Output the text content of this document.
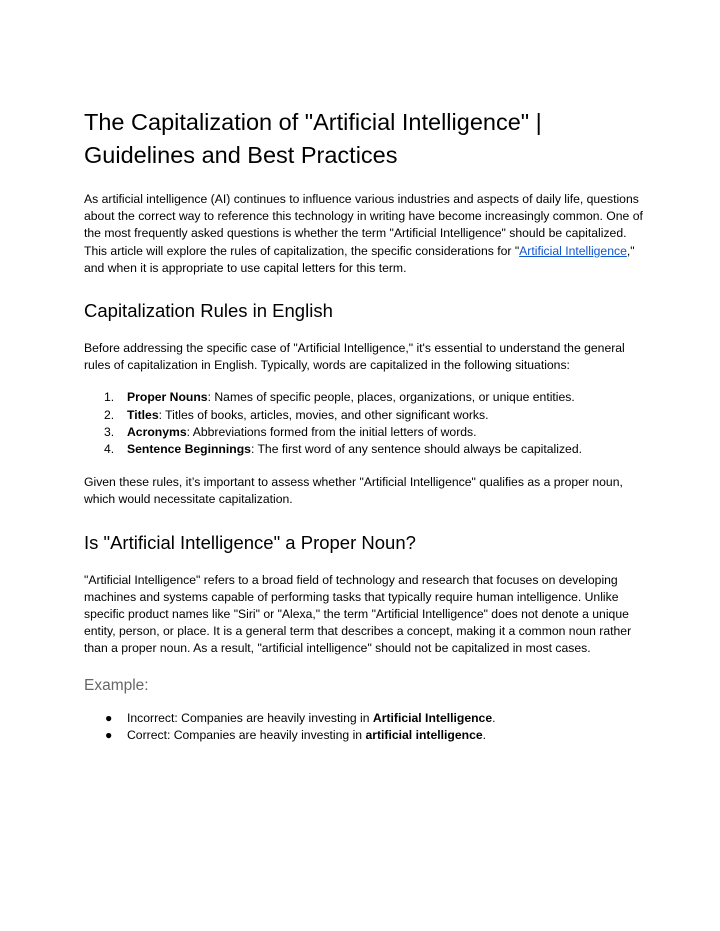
The Capitalization of "Artificial Intelligence" | Guidelines and Best Practices

As artificial intelligence (AI) continues to influence various industries and aspects of daily life, questions about the correct way to reference this technology in writing have become increasingly common. One of the most frequently asked questions is whether the term "Artificial Intelligence" should be capitalized. This article will explore the rules of capitalization, the specific considerations for "Artificial Intelligence," and when it is appropriate to use capital letters for this term.

Capitalization Rules in English

Before addressing the specific case of "Artificial Intelligence," it's essential to understand the general rules of capitalization in English. Typically, words are capitalized in the following situations:

1. Proper Nouns: Names of specific people, places, organizations, or unique entities.
2. Titles: Titles of books, articles, movies, and other significant works.
3. Acronyms: Abbreviations formed from the initial letters of words.
4. Sentence Beginnings: The first word of any sentence should always be capitalized.

Given these rules, it’s important to assess whether "Artificial Intelligence" qualifies as a proper noun, which would necessitate capitalization.

Is "Artificial Intelligence" a Proper Noun?

"Artificial Intelligence" refers to a broad field of technology and research that focuses on developing machines and systems capable of performing tasks that typically require human intelligence. Unlike specific product names like "Siri" or "Alexa," the term "Artificial Intelligence" does not denote a unique entity, person, or place. It is a general term that describes a concept, making it a common noun rather than a proper noun. As a result, "artificial intelligence" should not be capitalized in most cases.

Example:
● Incorrect: Companies are heavily investing in Artificial Intelligence.
● Correct: Companies are heavily investing in artificial intelligence.
